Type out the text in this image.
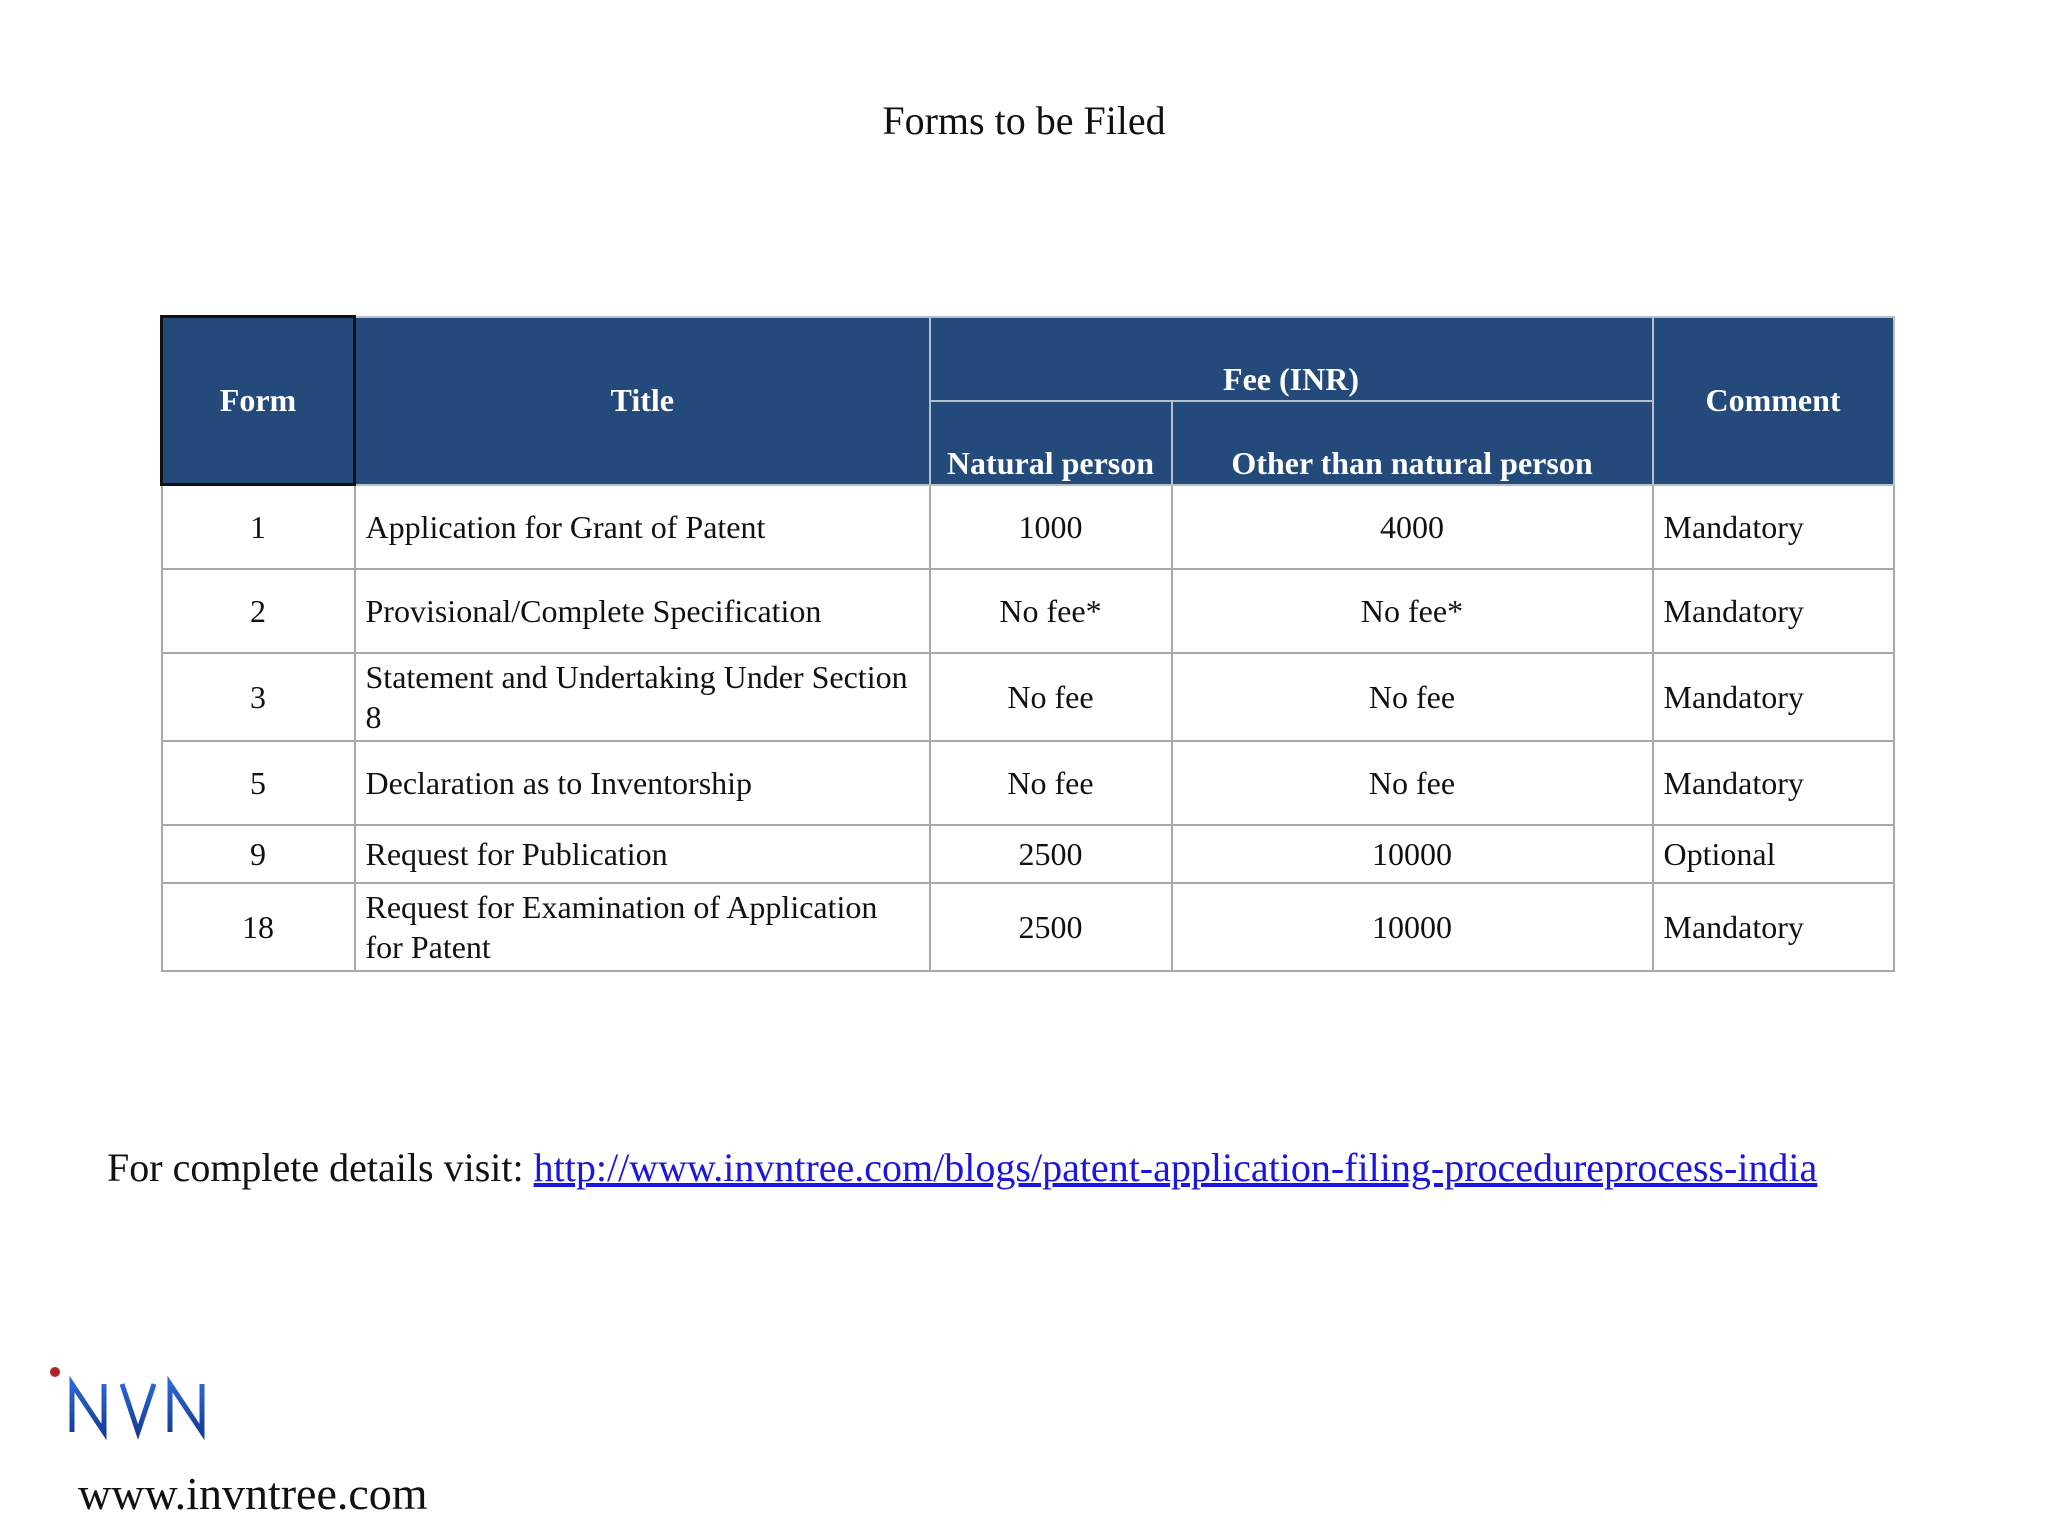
Forms to be Filed
Form	Title	Fee (INR)		Comment
		Natural person	Other than natural person	
1	Application for Grant of Patent	1000	4000	Mandatory
2	Provisional/Complete Specification	No fee*	No fee*	Mandatory
3	Statement and Undertaking Under Section 8	No fee	No fee	Mandatory
5	Declaration as to Inventorship	No fee	No fee	Mandatory
9	Request for Publication	2500	10000	Optional
18	Request for Examination of Application for Patent	2500	10000	Mandatory
For complete details visit: http://www.invntree.com/blogs/patent-application-filing-procedureprocess-india
www.invntree.com
